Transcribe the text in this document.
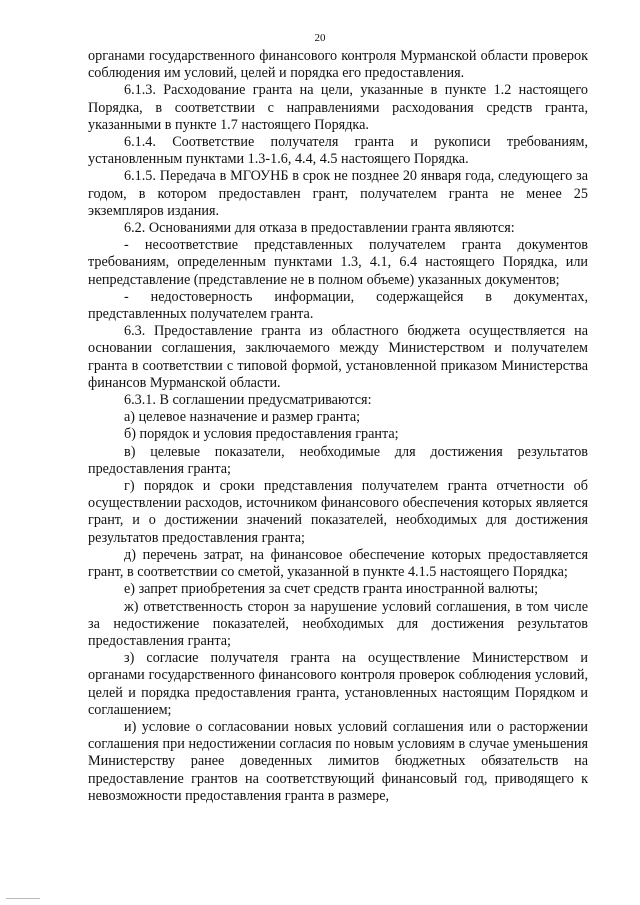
20

органами государственного финансового контроля Мурманской области проверок соблюдения им условий, целей и порядка его предоставления.

6.1.3. Расходование гранта на цели, указанные в пункте 1.2 настоящего Порядка, в соответствии с направлениями расходования средств гранта, указанными в пункте 1.7 настоящего Порядка.

6.1.4. Соответствие получателя гранта и рукописи требованиям, установленным пунктами 1.3-1.6, 4.4, 4.5 настоящего Порядка.

6.1.5. Передача в МГОУНБ в срок не позднее 20 января года, следующего за годом, в котором предоставлен грант, получателем гранта не менее 25 экземпляров издания.

6.2. Основаниями для отказа в предоставлении гранта являются:

- несоответствие представленных получателем гранта документов требованиям, определенным пунктами 1.3, 4.1, 6.4 настоящего Порядка, или непредставление (представление не в полном объеме) указанных документов;

- недостоверность информации, содержащейся в документах, представленных получателем гранта.

6.3. Предоставление гранта из областного бюджета осуществляется на основании соглашения, заключаемого между Министерством и получателем гранта в соответствии с типовой формой, установленной приказом Министерства финансов Мурманской области.

6.3.1. В соглашении предусматриваются:

а) целевое назначение и размер гранта;

б) порядок и условия предоставления гранта;

в) целевые показатели, необходимые для достижения результатов предоставления гранта;

г) порядок и сроки представления получателем гранта отчетности об осуществлении расходов, источником финансового обеспечения которых является грант, и о достижении значений показателей, необходимых для достижения результатов предоставления гранта;

д) перечень затрат, на финансовое обеспечение которых предоставляется грант, в соответствии со сметой, указанной в пункте 4.1.5 настоящего Порядка;

е) запрет приобретения за счет средств гранта иностранной валюты;

ж) ответственность сторон за нарушение условий соглашения, в том числе за недостижение показателей, необходимых для достижения результатов предоставления гранта;

з) согласие получателя гранта на осуществление Министерством и органами государственного финансового контроля проверок соблюдения условий, целей и порядка предоставления гранта, установленных настоящим Порядком и соглашением;

и) условие о согласовании новых условий соглашения или о расторжении соглашения при недостижении согласия по новым условиям в случае уменьшения Министерству ранее доведенных лимитов бюджетных обязательств на предоставление грантов на соответствующий финансовый год, приводящего к невозможности предоставления гранта в размере,
